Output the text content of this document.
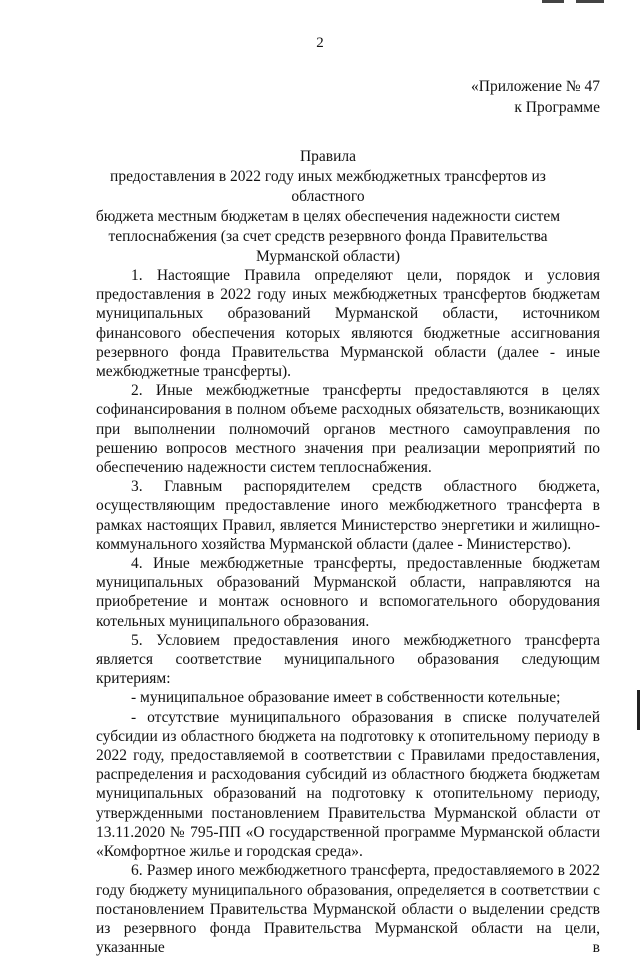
2
«Приложение № 47
к Программе
Правила
предоставления в 2022 году иных межбюджетных трансфертов из областного
бюджета местным бюджетам в целях обеспечения надежности систем
теплоснабжения (за счет средств резервного фонда Правительства
Мурманской области)

1. Настоящие Правила определяют цели, порядок и условия предоставления в 2022 году иных межбюджетных трансфертов бюджетам муниципальных образований Мурманской области, источником финансового обеспечения которых являются бюджетные ассигнования резервного фонда Правительства Мурманской области (далее - иные межбюджетные трансферты).

2. Иные межбюджетные трансферты предоставляются в целях софинансирования в полном объеме расходных обязательств, возникающих при выполнении полномочий органов местного самоуправления по решению вопросов местного значения при реализации мероприятий по обеспечению надежности систем теплоснабжения.

3. Главным распорядителем средств областного бюджета, осуществляющим предоставление иного межбюджетного трансферта в рамках настоящих Правил, является Министерство энергетики и жилищно-коммунального хозяйства Мурманской области (далее - Министерство).

4. Иные межбюджетные трансферты, предоставленные бюджетам муниципальных образований Мурманской области, направляются на приобретение и монтаж основного и вспомогательного оборудования котельных муниципального образования.

5. Условием предоставления иного межбюджетного трансферта является соответствие муниципального образования следующим критериям:

- муниципальное образование имеет в собственности котельные;

- отсутствие муниципального образования в списке получателей субсидии из областного бюджета на подготовку к отопительному периоду в 2022 году, предоставляемой в соответствии с Правилами предоставления, распределения и расходования субсидий из областного бюджета бюджетам муниципальных образований на подготовку к отопительному периоду, утвержденными постановлением Правительства Мурманской области от 13.11.2020 № 795-ПП «О государственной программе Мурманской области «Комфортное жилье и городская среда».

6. Размер иного межбюджетного трансферта, предоставляемого в 2022 году бюджету муниципального образования, определяется в соответствии с постановлением Правительства Мурманской области о выделении средств из резервного фонда Правительства Мурманской области на цели, указанные в
